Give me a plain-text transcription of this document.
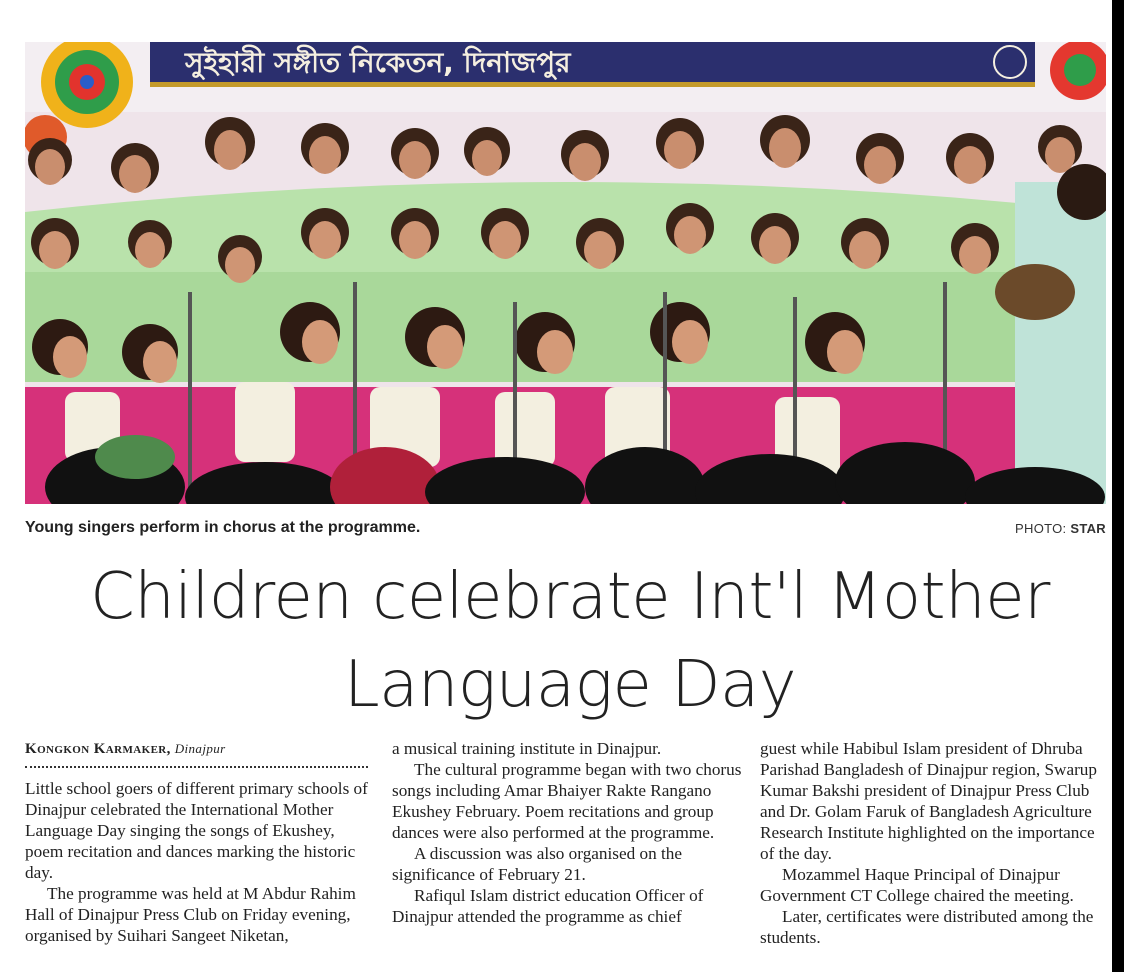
সুইহারী সঙ্গীত নিকেতন, দিনাজপুর
Young singers perform in chorus at the programme.	PHOTO: STAR
Children celebrate Int'l Mother
Language Day

Kongkon Karmaker, Dinajpur

Little school goers of different primary schools of Dinajpur celebrated the International Mother Language Day singing the songs of Ekushey, poem recitation and dances marking the historic day.

The programme was held at M Abdur Rahim Hall of Dinajpur Press Club on Friday evening, organised by Suihari Sangeet Niketan,

a musical training institute in Dinajpur.

The cultural programme began with two chorus songs including Amar Bhaiyer Rakte Rangano Ekushey February. Poem recitations and group dances were also performed at the programme.

A discussion was also organised on the significance of February 21.

Rafiqul Islam district education Officer of Dinajpur attended the programme as chief

guest while Habibul Islam president of Dhruba Parishad Bangladesh of Dinajpur region, Swarup Kumar Bakshi president of Dinajpur Press Club and Dr. Golam Faruk of Bangladesh Agriculture Research Institute highlighted on the importance of the day.

Mozammel Haque Principal of Dinajpur Government CT College chaired the meeting.

Later, certificates were distributed among the students.
